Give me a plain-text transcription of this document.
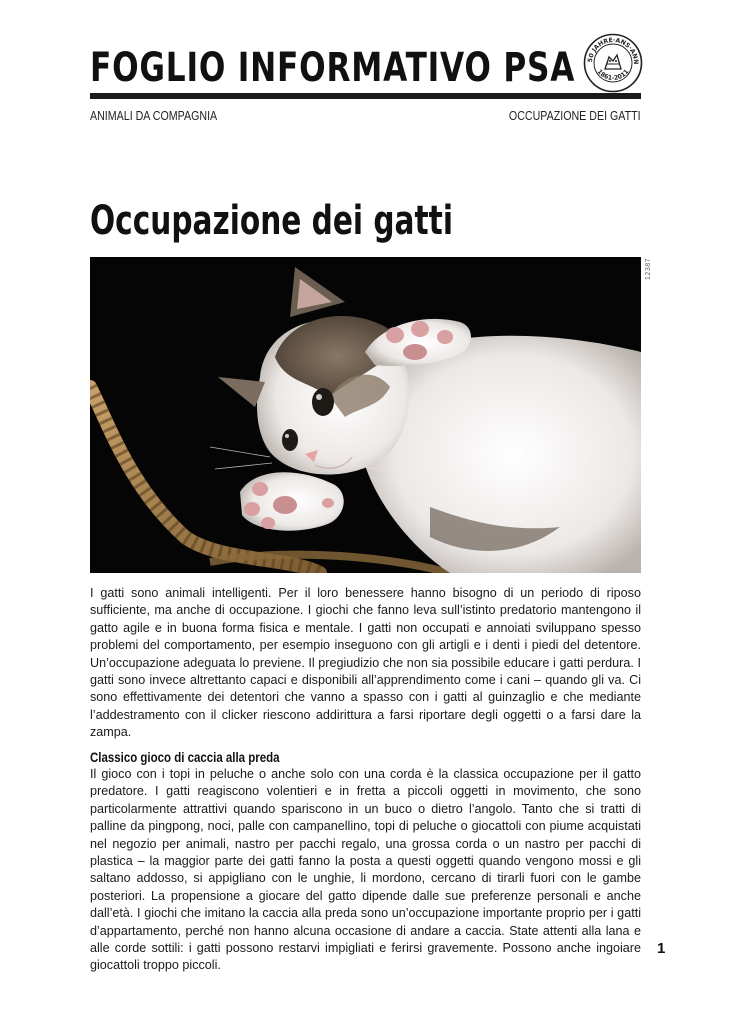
FOGLIO INFORMATIVO PSA	50 JAHRE·ANS·ANN
1861-2011
ANIMALI DA COMPAGNIA	OCCUPAZIONE DEI GATTI
Occupazione dei gatti
12387

I gatti sono animali intelligenti. Per il loro benessere hanno bisogno di un periodo di riposo sufficiente, ma anche di occupazione. I giochi che fanno leva sull’istinto predatorio mantengono il gatto agile e in buona forma fisica e mentale. I gatti non occupati e annoiati sviluppano spesso problemi del comportamento, per esempio inseguono con gli artigli e i denti i piedi del detentore. Un’occupazione adeguata lo previene. Il pregiudizio che non sia possibile educare i gatti perdura. I gatti sono invece altrettanto capaci e disponibili all’apprendimento come i cani – quando gli va. Ci sono effettivamente dei detentori che vanno a spasso con i gatti al guinzaglio e che mediante l’addestramento con il clicker riescono addirittura a farsi riportare degli oggetti o a farsi dare la zampa.

Classico gioco di caccia alla preda

Il gioco con i topi in peluche o anche solo con una corda è la classica occupazione per il gatto predatore. I gatti reagiscono volentieri e in fretta a piccoli oggetti in movimento, che sono particolarmente attrattivi quando spariscono in un buco o dietro l’angolo. Tanto che si tratti di palline da pingpong, noci, palle con campanellino, topi di peluche o giocattoli con piume acquistati nel negozio per animali, nastro per pacchi regalo, una grossa corda o un nastro per pacchi di plastica – la maggior parte dei gatti fanno la posta a questi oggetti quando vengono mossi e gli saltano addosso, si appigliano con le unghie, li mordono, cercano di tirarli fuori con le gambe posteriori. La propensione a giocare del gatto dipende dalle sue preferenze personali e anche dall’età. I giochi che imitano la caccia alla preda sono un’occupazione importante proprio per i gatti d’appartamento, perché non hanno alcuna occasione di andare a caccia. State attenti alla lana e alle corde sottili: i gatti possono restarvi impigliati e ferirsi gravemente. Possono anche ingoiare giocattoli troppo piccoli.

1
